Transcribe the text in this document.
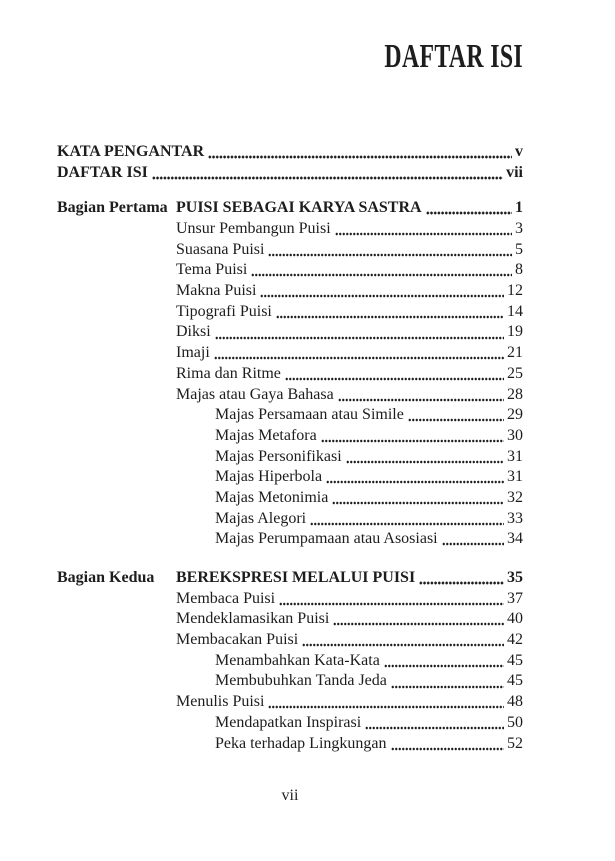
DAFTAR ISI
KATA PENGANTAR	v
DAFTAR ISI	vii
Bagian Pertama PUISI SEBAGAI KARYA SASTRA	1
Unsur Pembangun Puisi	3
Suasana Puisi	5
Tema Puisi	8
Makna Puisi	12
Tipografi Puisi	14
Diksi	19
Imaji	21
Rima dan Ritme	25
Majas atau Gaya Bahasa	28
Majas Persamaan atau Simile	29
Majas Metafora	30
Majas Personifikasi	31
Majas Hiperbola	31
Majas Metonimia	32
Majas Alegori	33
Majas Perumpamaan atau Asosiasi	34
Bagian Kedua	BEREKSPRESI MELALUI PUISI	35
Membaca Puisi	37
Mendeklamasikan Puisi	40
Membacakan Puisi	42
Menambahkan Kata-Kata	45
Membubuhkan Tanda Jeda	45
Menulis Puisi	48
Mendapatkan Inspirasi	50
Peka terhadap Lingkungan	52
vii
